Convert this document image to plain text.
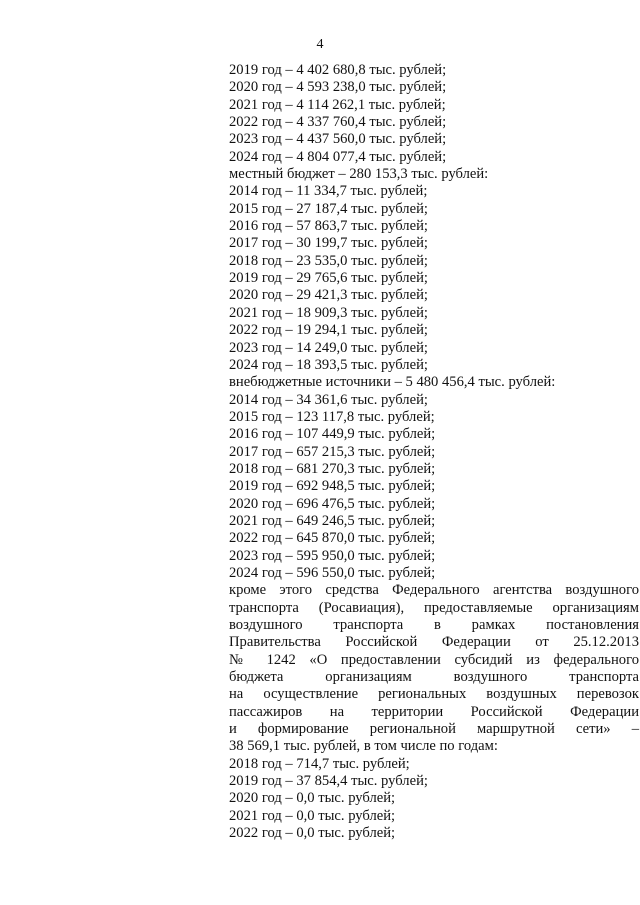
4
2019 год – 4 402 680,8 тыс. рублей;
2020 год – 4 593 238,0 тыс. рублей;
2021 год – 4 114 262,1 тыс. рублей;
2022 год – 4 337 760,4 тыс. рублей;
2023 год – 4 437 560,0 тыс. рублей;
2024 год – 4 804 077,4 тыс. рублей;
местный бюджет – 280 153,3 тыс. рублей:
2014 год – 11 334,7 тыс. рублей;
2015 год – 27 187,4 тыс. рублей;
2016 год – 57 863,7 тыс. рублей;
2017 год – 30 199,7 тыс. рублей;
2018 год – 23 535,0 тыс. рублей;
2019 год – 29 765,6 тыс. рублей;
2020 год – 29 421,3 тыс. рублей;
2021 год – 18 909,3 тыс. рублей;
2022 год – 19 294,1 тыс. рублей;
2023 год – 14 249,0 тыс. рублей;
2024 год – 18 393,5 тыс. рублей;
внебюджетные источники – 5 480 456,4 тыс. рублей:
2014 год – 34 361,6 тыс. рублей;
2015 год – 123 117,8 тыс. рублей;
2016 год – 107 449,9 тыс. рублей;
2017 год – 657 215,3 тыс. рублей;
2018 год – 681 270,3 тыс. рублей;
2019 год – 692 948,5 тыс. рублей;
2020 год – 696 476,5 тыс. рублей;
2021 год – 649 246,5 тыс. рублей;
2022 год – 645 870,0 тыс. рублей;
2023 год – 595 950,0 тыс. рублей;
2024 год – 596 550,0 тыс. рублей;
кроме этого средства Федерального агентства воздушного
транспорта (Росавиация), предоставляемые организациям
воздушного транспорта в рамках постановления
Правительства Российской Федерации от 25.12.2013
№ 1242 «О предоставлении субсидий из федерального
бюджета организациям воздушного транспорта
на осуществление региональных воздушных перевозок
пассажиров на территории Российской Федерации
и формирование региональной маршрутной сети» –
38 569,1 тыс. рублей, в том числе по годам:
2018 год – 714,7 тыс. рублей;
2019 год – 37 854,4 тыс. рублей;
2020 год – 0,0 тыс. рублей;
2021 год – 0,0 тыс. рублей;
2022 год – 0,0 тыс. рублей;
